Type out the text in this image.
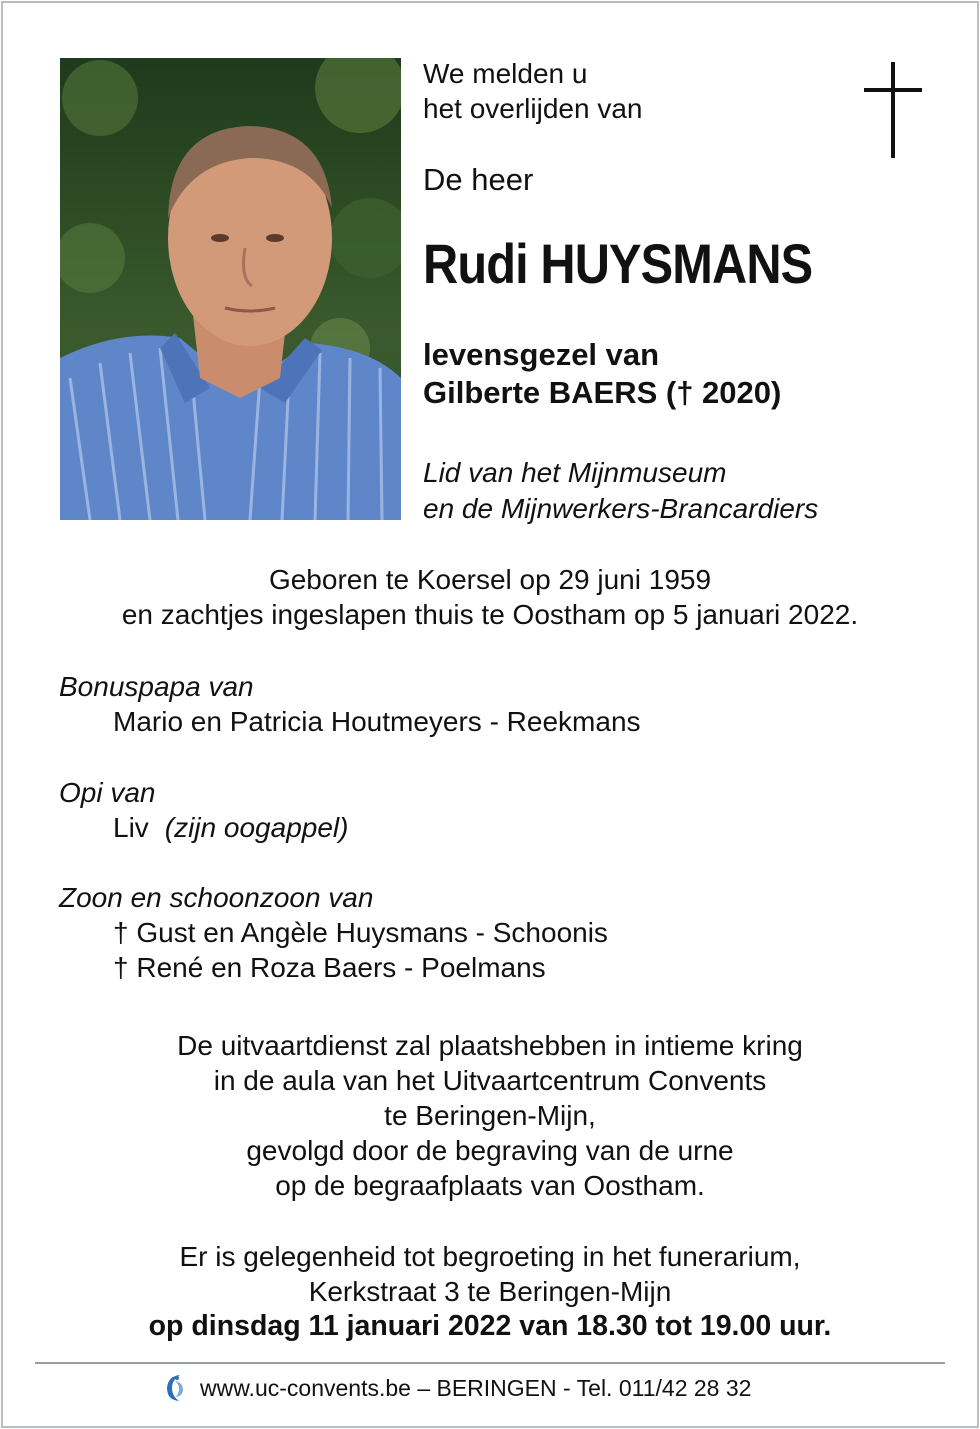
We melden u
het overlijden van
De heer
Rudi HUYSMANS
levensgezel van
Gilberte BAERS († 2020)
Lid van het Mijnmuseum
en de Mijnwerkers-Brancardiers
Geboren te Koersel op 29 juni 1959
en zachtjes ingeslapen thuis te Oostham op 5 januari 2022.
Bonuspapa van
Mario en Patricia Houtmeyers - Reekmans
Opi van
Liv (zijn oogappel)
Zoon en schoonzoon van
† Gust en Angèle Huysmans - Schoonis
† René en Roza Baers - Poelmans
De uitvaartdienst zal plaatshebben in intieme kring
in de aula van het Uitvaartcentrum Convents
te Beringen-Mijn,
gevolgd door de begraving van de urne
op de begraafplaats van Oostham.
Er is gelegenheid tot begroeting in het funerarium,
Kerkstraat 3 te Beringen-Mijn
op dinsdag 11 januari 2022 van 18.30 tot 19.00 uur.
www.uc-convents.be – BERINGEN - Tel. 011/42 28 32
